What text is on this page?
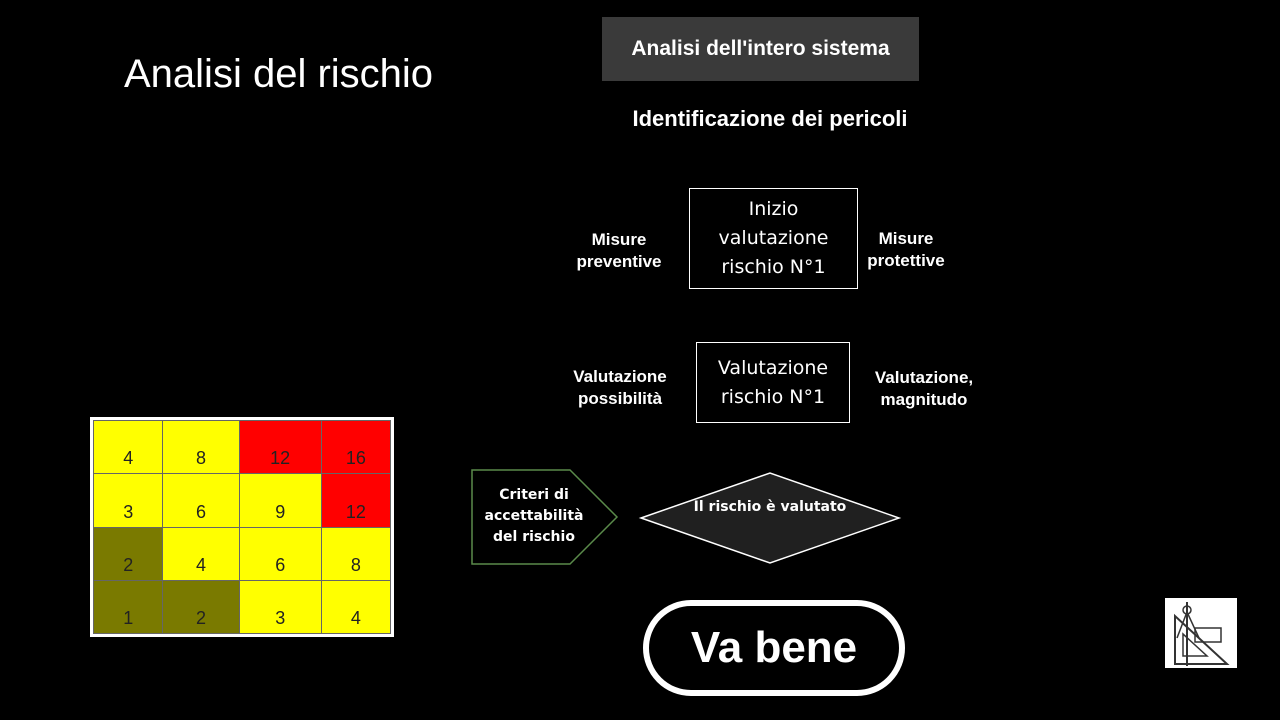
Analisi del rischio
Analisi dell'intero sistema
Identificazione dei pericoli
Inizio valutazione rischio N°1
Misure preventive
Misure protettive
Valutazione rischio N°1
Valutazione possibilità
Valutazione, magnitudo
Criteri di accettabilità del rischio
Il rischio è valutato
Va bene
4	8	12	16
3	6	9	12
2	4	6	8
1	2	3	4
